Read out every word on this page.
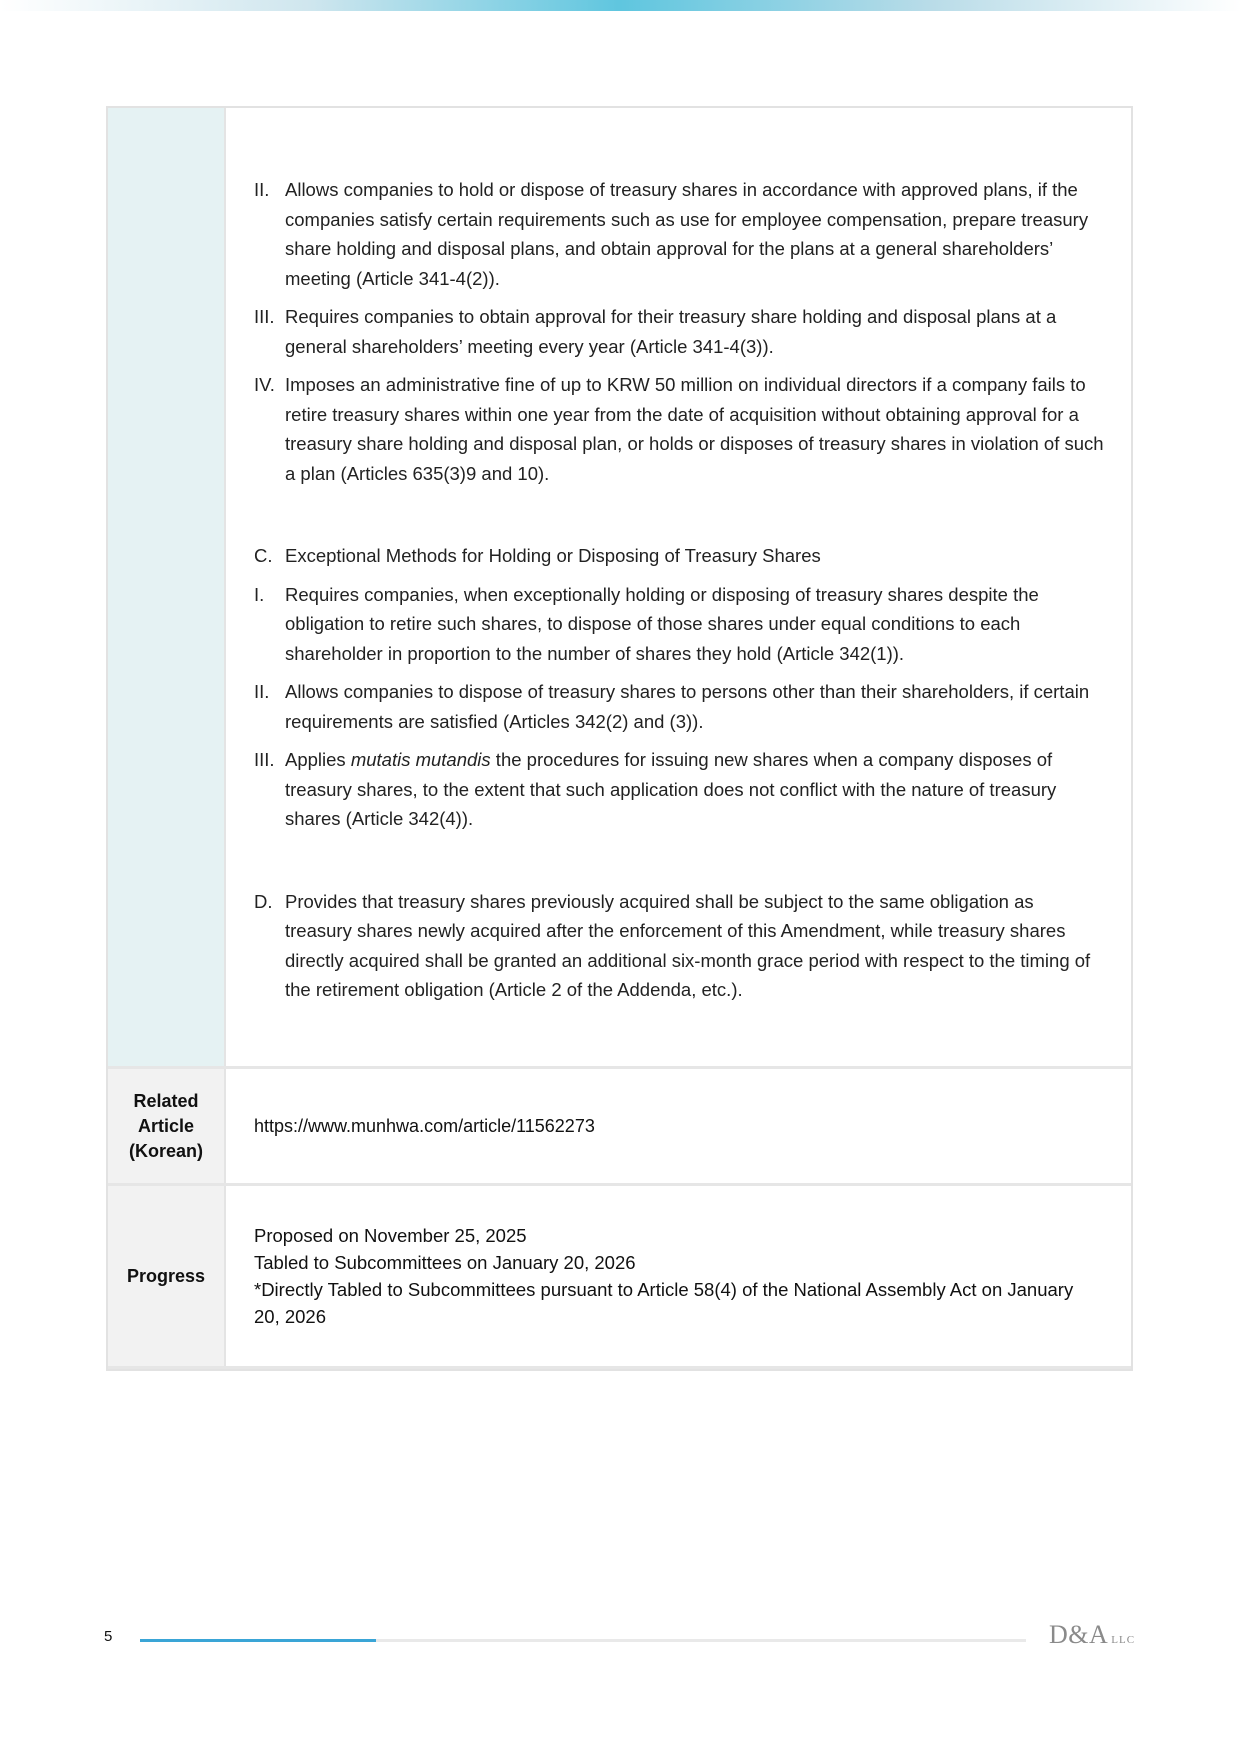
II. Allows companies to hold or dispose of treasury shares in accordance with approved plans, if the companies satisfy certain requirements such as use for employee compensation, prepare treasury share holding and disposal plans, and obtain approval for the plans at a general shareholders’ meeting (Article 341-4(2)).
III. Requires companies to obtain approval for their treasury share holding and disposal plans at a general shareholders’ meeting every year (Article 341-4(3)).
IV. Imposes an administrative fine of up to KRW 50 million on individual directors if a company fails to retire treasury shares within one year from the date of acquisition without obtaining approval for a treasury share holding and disposal plan, or holds or disposes of treasury shares in violation of such a plan (Articles 635(3)9 and 10).
C. Exceptional Methods for Holding or Disposing of Treasury Shares
I.	Requires companies, when exceptionally holding or disposing of treasury shares despite the obligation to retire such shares, to dispose of those shares under equal conditions to each shareholder in proportion to the number of shares they hold (Article 342(1)).
II. Allows companies to dispose of treasury shares to persons other than their shareholders, if certain requirements are satisfied (Articles 342(2) and (3)).
III. Applies mutatis mutandis the procedures for issuing new shares when a company disposes of treasury shares, to the extent that such application does not conflict with the nature of treasury shares (Article 342(4)).
D. Provides that treasury shares previously acquired shall be subject to the same obligation as treasury shares newly acquired after the enforcement of this Amendment, while treasury shares directly acquired shall be granted an additional six-month grace period with respect to the timing of the retirement obligation (Article 2 of the Addenda, etc.).
Related
Article
(Korean)
https://www.munhwa.com/article/11562273
Progress
Proposed on November 25, 2025
Tabled to Subcommittees on January 20, 2026
*Directly Tabled to Subcommittees pursuant to Article 58(4) of the National Assembly Act on January 20, 2026
5	D&A LLC
